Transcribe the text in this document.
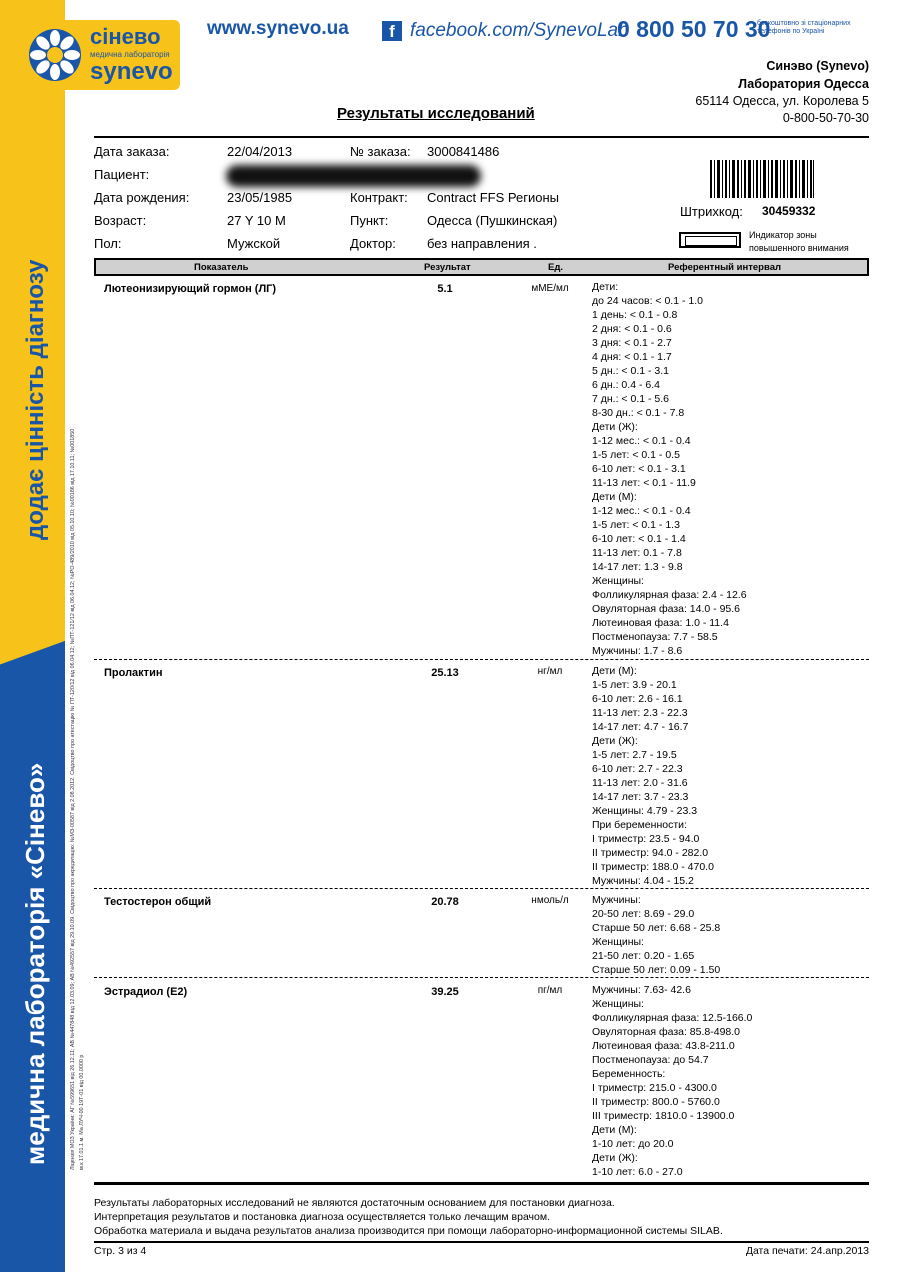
додає цінність діагнозу
медична лабораторія «Сінево»	Ліцензія МОЗ України: АГ №599651 від 26.12.11; АВ №447848 від 12.03.09; АВ №492557 від 29.10.09. Свідоцтво про акредитацію: №МЗ-00587 від 2.08.2012. Свідоцтво про атестацію № ПТ-120/12 від 06.04.12; №ПТ-121/12 від 06.04.12; №РО-489/2010 від 05.10.10; №00186 від 17.10.11; №001850 м.к 17.01.1 м. Ма ЛУЧ-00 19Т-01 від 00.0000 р
сінево
медична лабораторія
synevo
www.synevo.ua	f facebook.com/SynevoLab
0 800 50 70 30
безкоштовно зі стаціонарних телефонів по Україні
Синэво (Synevo)
Лаборатория Одесса
65114 Одесса, ул. Королева 5
0-800-50-70-30
Результаты исследований
Дата заказа:	22/04/2013	№ заказа: 3000841486
Пациент:
Дата рождения:	23/05/1985	Контракт: Contract FFS Регионы
Возраст:	27 Y 10 M	Пункт:	Одесса (Пушкинская)
Пол:	Мужской	Доктор: без направления .
Штрихкод: 30459332
Индикатор зоны повышенного внимания
Показатель	Результат	Ед.	Референтный интервал
Лютеонизирующий гормон (ЛГ)	5.1	мМЕ/мл	Дети:
до 24 часов: < 0.1 - 1.0
1 день: < 0.1 - 0.8
2 дня: < 0.1 - 0.6
3 дня: < 0.1 - 2.7
4 дня: < 0.1 - 1.7
5 дн.: < 0.1 - 3.1
6 дн.: 0.4 - 6.4
7 дн.: < 0.1 - 5.6
8-30 дн.: < 0.1 - 7.8
Дети (Ж):
1-12 мес.: < 0.1 - 0.4
1-5 лет: < 0.1 - 0.5
6-10 лет: < 0.1 - 3.1
11-13 лет: < 0.1 - 11.9
Дети (М):
1-12 мес.: < 0.1 - 0.4
1-5 лет: < 0.1 - 1.3
6-10 лет: < 0.1 - 1.4
11-13 лет: 0.1 - 7.8
14-17 лет: 1.3 - 9.8
Женщины:
Фолликулярная фаза: 2.4 - 12.6
Овуляторная фаза: 14.0 - 95.6
Лютеиновая фаза: 1.0 - 11.4
Постменопауза: 7.7 - 58.5
Мужчины: 1.7 - 8.6
Пролактин	25.13	нг/мл	Дети (М):
1-5 лет: 3.9 - 20.1
6-10 лет: 2.6 - 16.1
11-13 лет: 2.3 - 22.3
14-17 лет: 4.7 - 16.7
Дети (Ж):
1-5 лет: 2.7 - 19.5
6-10 лет: 2.7 - 22.3
11-13 лет: 2.0 - 31.6
14-17 лет: 3.7 - 23.3
Женщины: 4.79 - 23.3
При беременности:
I триместр: 23.5 - 94.0
II триместр: 94.0 - 282.0
II триместр: 188.0 - 470.0
Мужчины: 4.04 - 15.2
Тестостерон общий	20.78	нмоль/л	Мужчины:
20-50 лет: 8.69 - 29.0
Старше 50 лет: 6.68 - 25.8
Женщины:
21-50 лет: 0.20 - 1.65
Старше 50 лет: 0.09 - 1.50
Эстрадиол (Е2)	39.25	пг/мл	Мужчины: 7.63- 42.6
Женщины:
Фолликулярная фаза: 12.5-166.0
Овуляторная фаза: 85.8-498.0
Лютеиновая фаза: 43.8-211.0
Постменопауза: до 54.7
Беременность:
I триместр: 215.0 - 4300.0
II триместр: 800.0 - 5760.0
III триместр: 1810.0 - 13900.0
Дети (М):
1-10 лет: до 20.0
Дети (Ж):
1-10 лет: 6.0 - 27.0
Результаты лабораторных исследований не являются достаточным основанием для постановки диагноза.
Интерпретация результатов и постановка диагноза осуществляется только лечащим врачом.
Обработка материала и выдача результатов анализа производится при помощи лабораторно-информационной системы SILAB.
Стр. 3 из 4	Дата печати: 24.апр.2013
